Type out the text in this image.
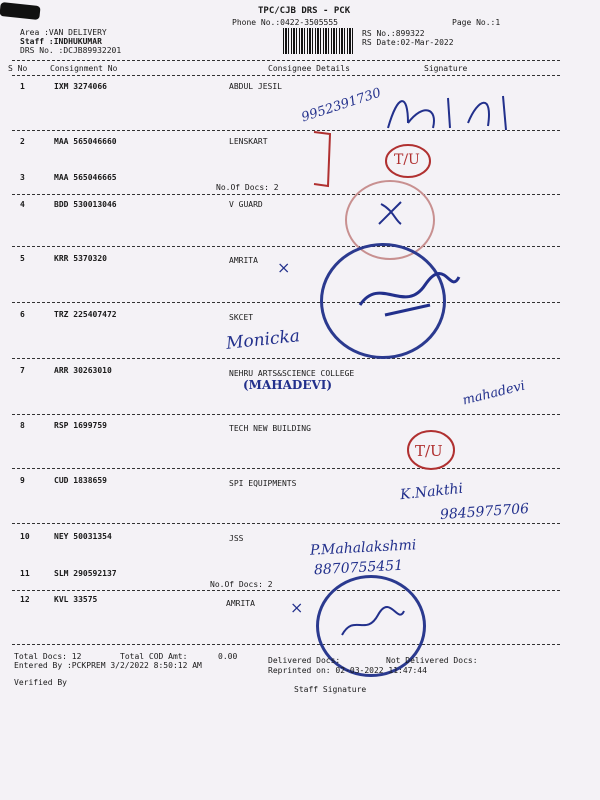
TPC/CJB DRS - PCK
Phone No.:0422-3505555	Page No.:1
Area :VAN DELIVERY
Staff :INDHUKUMAR
DRS No. :DCJB89932201
RS No.:899322
RS Date:02-Mar-2022
S No	Consignment No	Consignee Details	Signature
1	IXM 3274066	ABDUL JESIL
2	MAA 565046660	LENSKART
3	MAA 565046665
No.Of Docs: 2
4	BDD 530013046	V GUARD
5	KRR 5370320	AMRITA
6	TRZ 225407472	SKCET
7	ARR 30263010	NEHRU ARTS&SCIENCE COLLEGE
8	RSP 1699759	TECH NEW BUILDING
9	CUD 1838659	SPI EQUIPMENTS
10	NEY 50031354	JSS
11	SLM 290592137
No.Of Docs: 2
12	KVL 33575	AMRITA
9952391730
T/U
×
Monicka
(MAHADEVI)	mahadevi
T/U
K.Nakthi
9845975706
P.Mahalakshmi
8870755451
×
Total Docs: 12	Total COD Amt:	0.00	Delivered Docs:	Not Delivered Docs:
Entered By :PCKPREM 3/2/2022 8:50:12 AM
Reprinted on: 02-03-2022 11:47:44
Verified By
Staff Signature
